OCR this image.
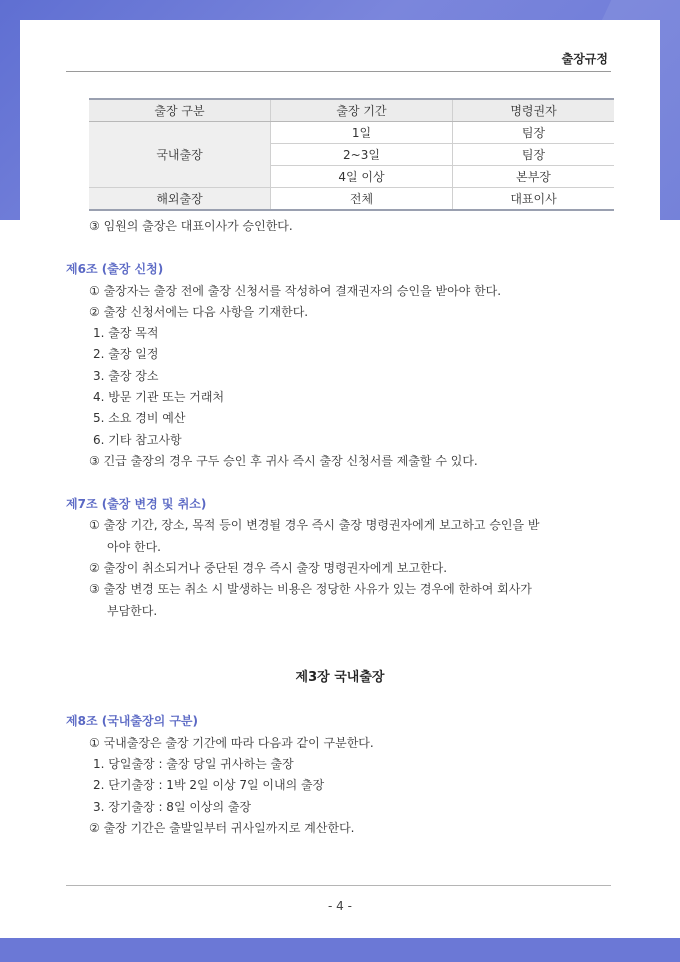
출장규정
출장 구분	출장 기간	명령권자
국내출장	1일	팀장
	2~3일	팀장
	4일 이상	본부장
해외출장	전체	대표이사
③ 임원의 출장은 대표이사가 승인한다.
제6조 (출장 신청)
① 출장자는 출장 전에 출장 신청서를 작성하여 결재권자의 승인을 받아야 한다.
② 출장 신청서에는 다음 사항을 기재한다.
1. 출장 목적
2. 출장 일정
3. 출장 장소
4. 방문 기관 또는 거래처
5. 소요 경비 예산
6. 기타 참고사항
③ 긴급 출장의 경우 구두 승인 후 귀사 즉시 출장 신청서를 제출할 수 있다.
제7조 (출장 변경 및 취소)
① 출장 기간, 장소, 목적 등이 변경될 경우 즉시 출장 명령권자에게 보고하고 승인을 받
아야 한다.
② 출장이 취소되거나 중단된 경우 즉시 출장 명령권자에게 보고한다.
③ 출장 변경 또는 취소 시 발생하는 비용은 정당한 사유가 있는 경우에 한하여 회사가
부담한다.
제3장 국내출장
제8조 (국내출장의 구분)
① 국내출장은 출장 기간에 따라 다음과 같이 구분한다.
1. 당일출장 : 출장 당일 귀사하는 출장
2. 단기출장 : 1박 2일 이상 7일 이내의 출장
3. 장기출장 : 8일 이상의 출장
② 출장 기간은 출발일부터 귀사일까지로 계산한다.
- 4 -
